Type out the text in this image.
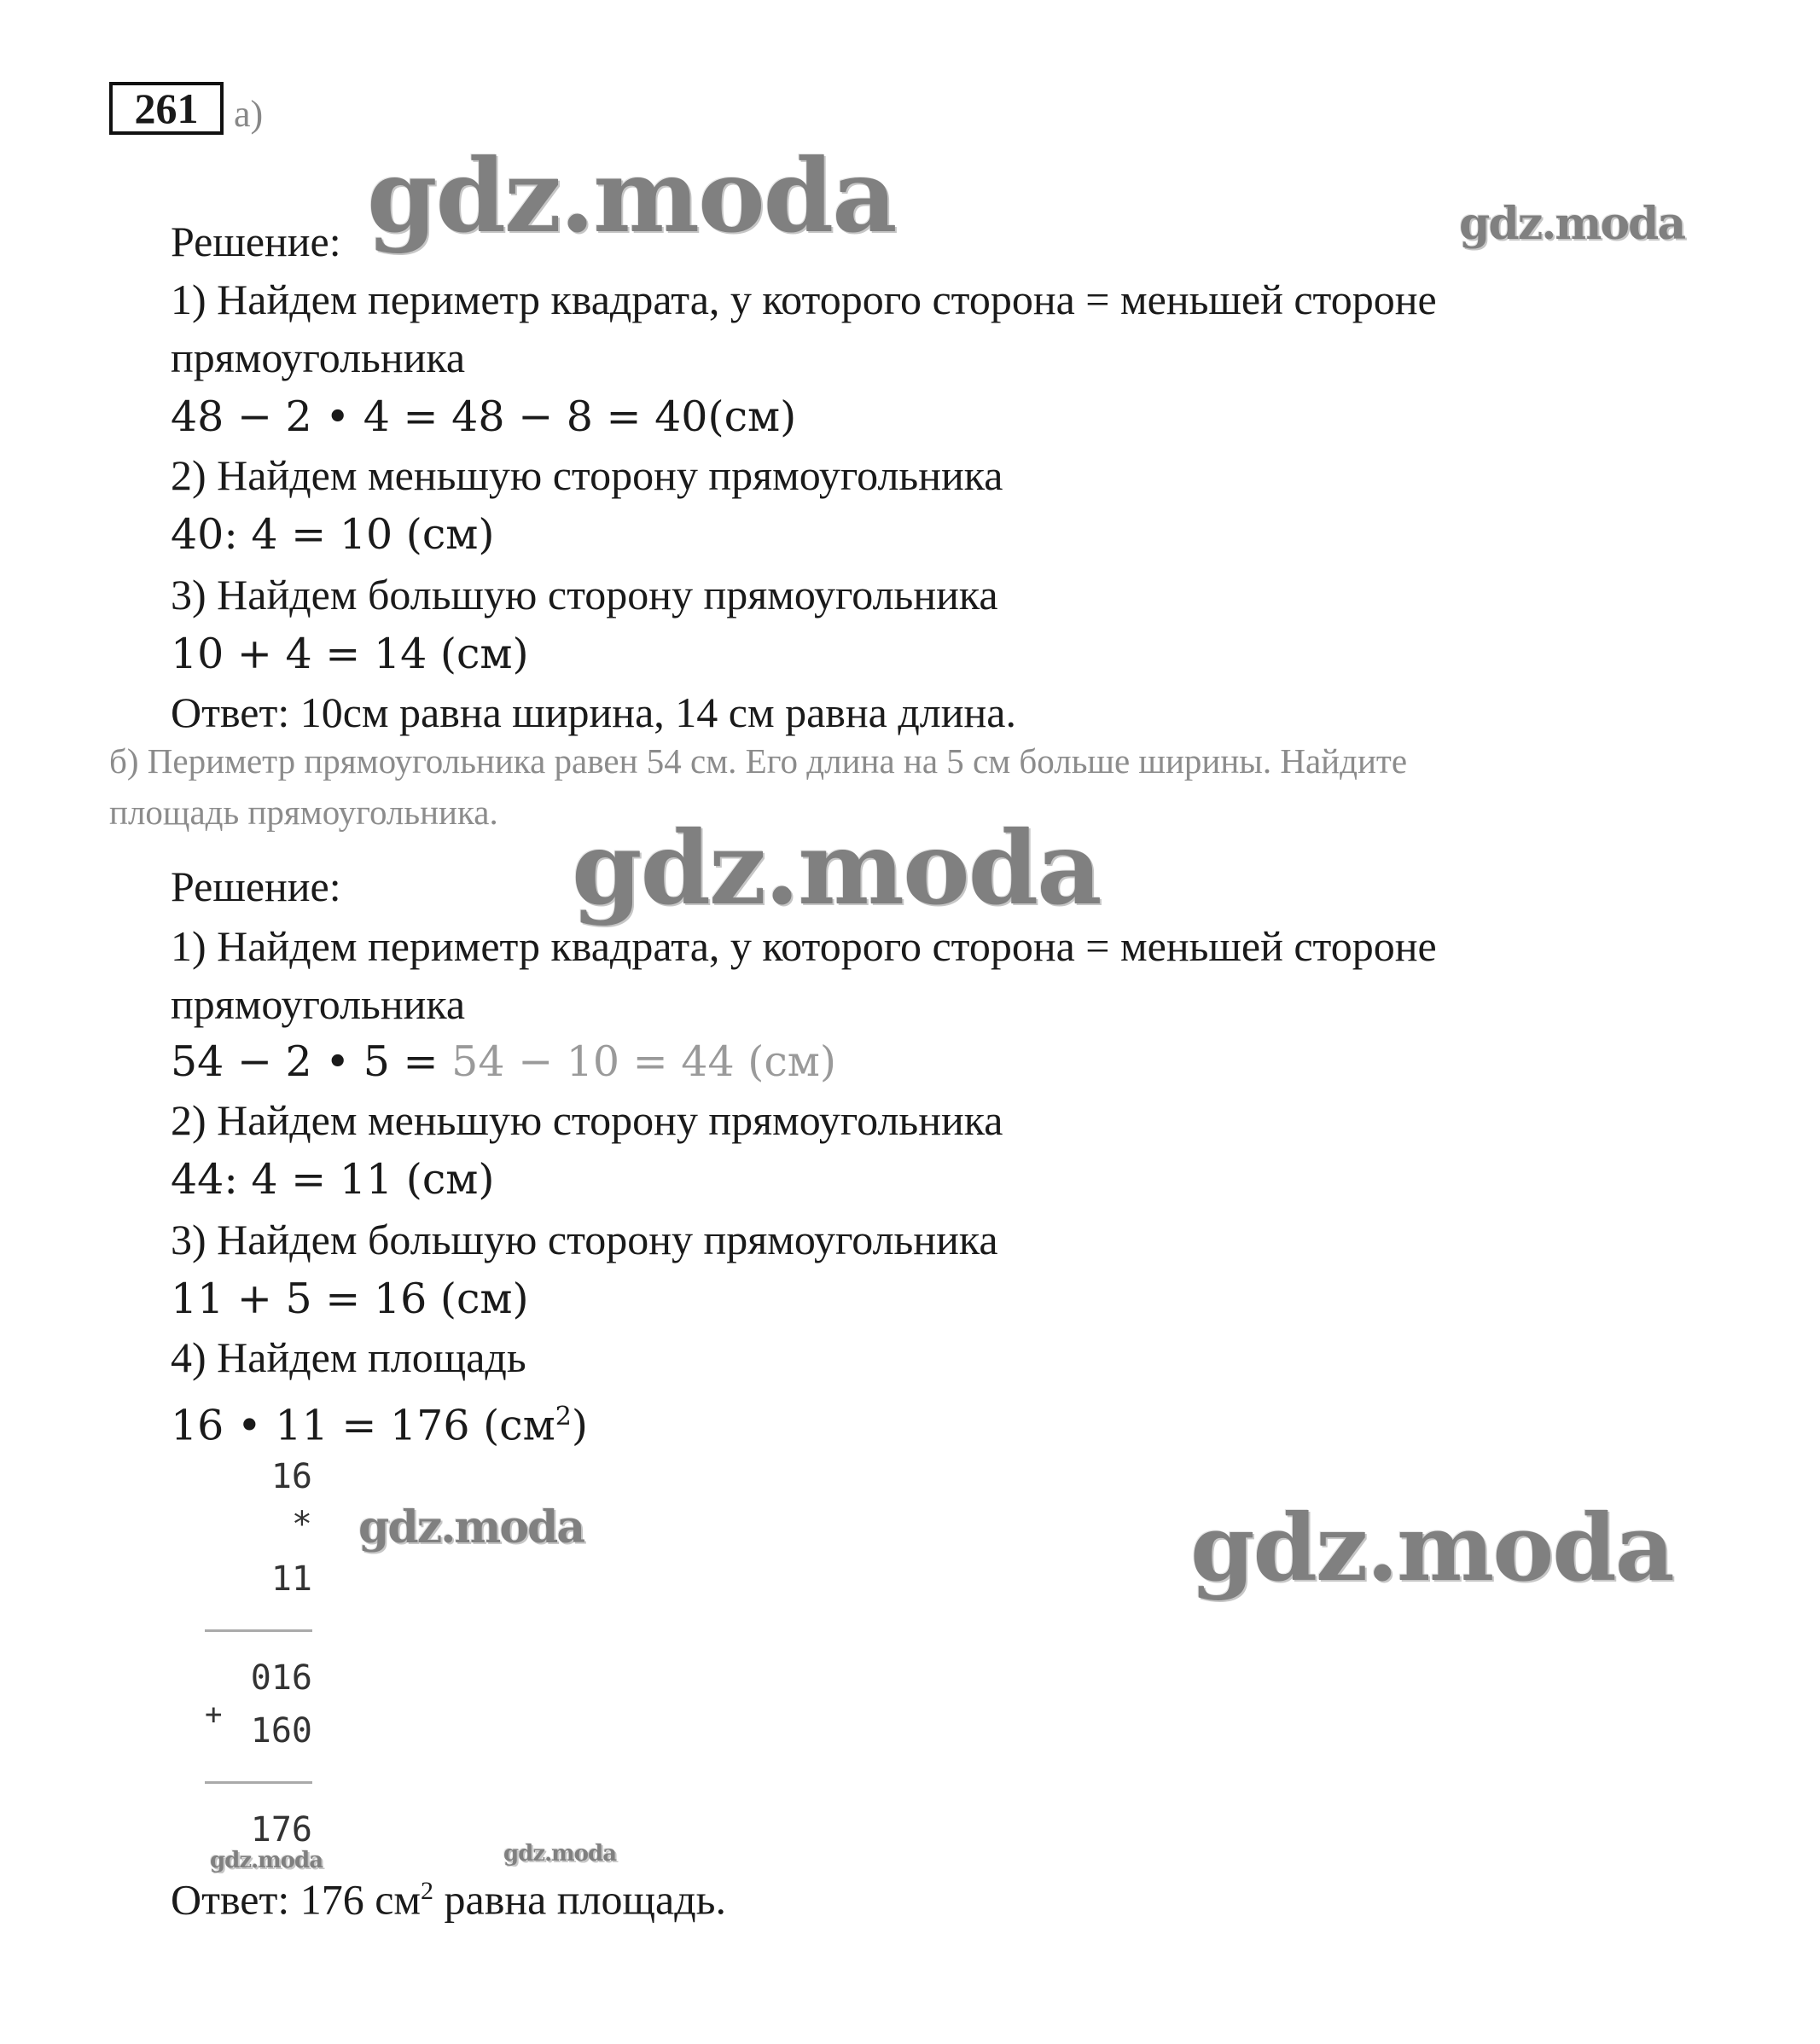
261 а)
Решение:
1) Найдем периметр квадрата, у которого сторона = меньшей стороне
прямоугольника
48 − 2 • 4 = 48 − 8 = 40(см)
2) Найдем меньшую сторону прямоугольника
40: 4 = 10 (см)
3) Найдем большую сторону прямоугольника
10 + 4 = 14 (см)
Ответ: 10см равна ширина, 14 см равна длина.
б) Периметр прямоугольника равен 54 см. Его длина на 5 см больше ширины. Найдите
площадь прямоугольника.
Решение:
1) Найдем периметр квадрата, у которого сторона = меньшей стороне
прямоугольника
54 − 2 • 5 = 54 − 10 = 44 (см)
2) Найдем меньшую сторону прямоугольника
44: 4 = 11 (см)
3) Найдем большую сторону прямоугольника
11 + 5 = 16 (см)
4) Найдем площадь
16 • 11 = 176 $(см^2)$
16
*
11
016
+ 160
176
Ответ: 176 $см^2$ равна площадь.
gdz.moda	gdz.moda
gdz.moda
gdz.moda	gdz.moda
gdz.moda	gdz.moda
